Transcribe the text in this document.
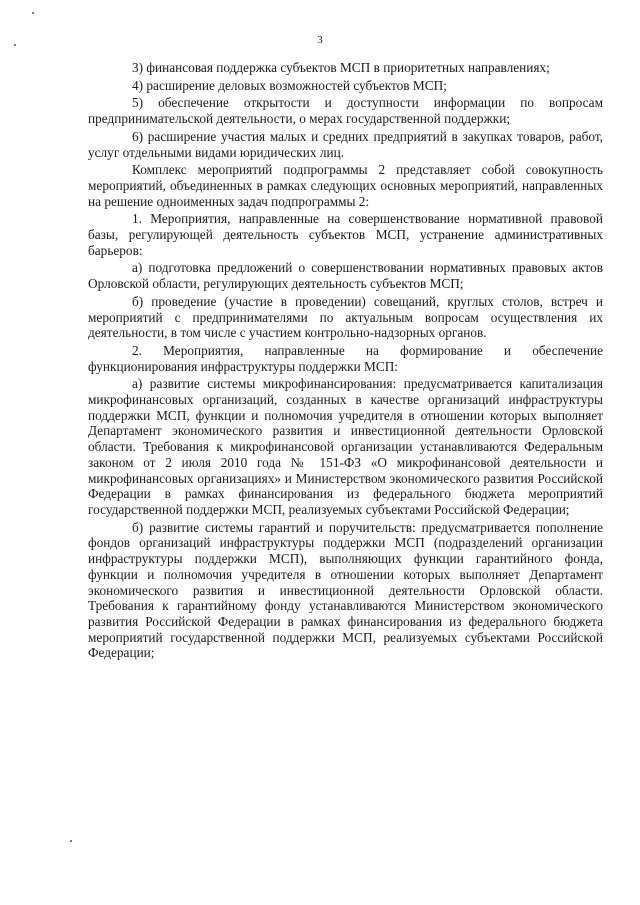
3

3) финансовая поддержка субъектов МСП в приоритетных направлениях;

4) расширение деловых возможностей субъектов МСП;

5) обеспечение открытости и доступности информации по вопросам предпринимательской деятельности, о мерах государственной поддержки;

6) расширение участия малых и средних предприятий в закупках товаров, работ, услуг отдельными видами юридических лиц.

Комплекс мероприятий подпрограммы 2 представляет собой совокупность мероприятий, объединенных в рамках следующих основных мероприятий, направленных на решение одноименных задач подпрограммы 2:

1. Мероприятия, направленные на совершенствование нормативной правовой базы, регулирующей деятельность субъектов МСП, устранение административных барьеров:

а) подготовка предложений о совершенствовании нормативных правовых актов Орловской области, регулирующих деятельность субъектов МСП;

б) проведение (участие в проведении) совещаний, круглых столов, встреч и мероприятий с предпринимателями по актуальным вопросам осуществления их деятельности, в том числе с участием контрольно-надзорных органов.

2. Мероприятия, направленные на формирование и обеспечение функционирования инфраструктуры поддержки МСП:

а) развитие системы микрофинансирования: предусматривается капитализация микрофинансовых организаций, созданных в качестве организаций инфраструктуры поддержки МСП, функции и полномочия учредителя в отношении которых выполняет Департамент экономического развития и инвестиционной деятельности Орловской области. Требования к микрофинансовой организации устанавливаются Федеральным законом от 2 июля 2010 года № 151-ФЗ «О микрофинансовой деятельности и микрофинансовых организациях» и Министерством экономического развития Российской Федерации в рамках финансирования из федерального бюджета мероприятий государственной поддержки МСП, реализуемых субъектами Российской Федерации;

б) развитие системы гарантий и поручительств: предусматривается пополнение фондов организаций инфраструктуры поддержки МСП (подразделений организации инфраструктуры поддержки МСП), выполняющих функции гарантийного фонда, функции и полномочия учредителя в отношении которых выполняет Департамент экономического развития и инвестиционной деятельности Орловской области. Требования к гарантийному фонду устанавливаются Министерством экономического развития Российской Федерации в рамках финансирования из федерального бюджета мероприятий государственной поддержки МСП, реализуемых субъектами Российской Федерации;
